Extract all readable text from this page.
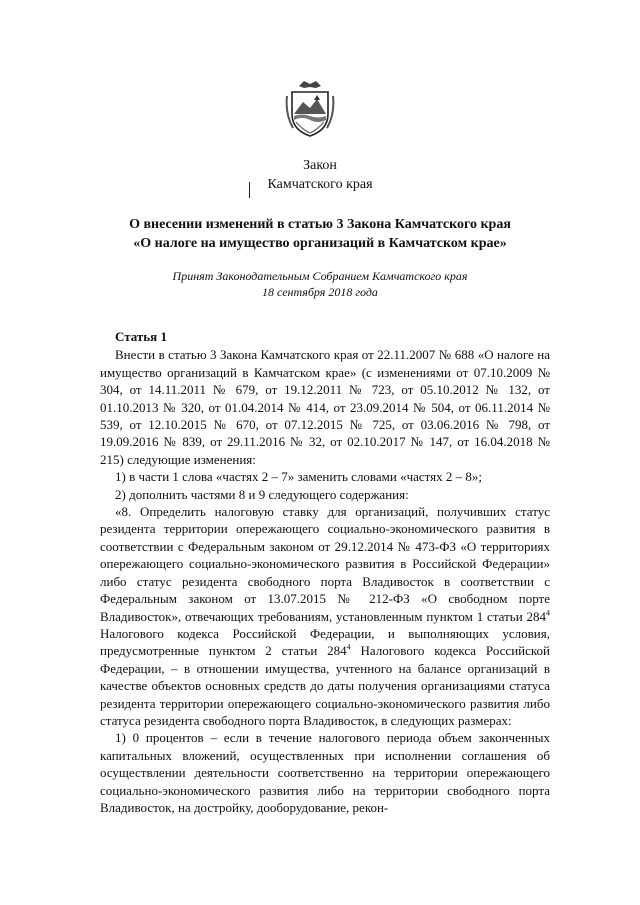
Закон
Камчатского края
О внесении изменений в статью 3 Закона Камчатского края
«О налоге на имущество организаций в Камчатском крае»
Принят Законодательным Собранием Камчатского края
18 сентября 2018 года

Статья 1

Внести в статью 3 Закона Камчатского края от 22.11.2007 № 688 «О налоге на имущество организаций в Камчатском крае» (с изменениями от 07.10.2009 № 304, от 14.11.2011 № 679, от 19.12.2011 № 723, от 05.10.2012 № 132, от 01.10.2013 № 320, от 01.04.2014 № 414, от 23.09.2014 № 504, от 06.11.2014 № 539, от 12.10.2015 № 670, от 07.12.2015 № 725, от 03.06.2016 № 798, от 19.09.2016 № 839, от 29.11.2016 № 32, от 02.10.2017 № 147, от 16.04.2018 № 215) следующие изменения:

1) в части 1 слова «частях 2 – 7» заменить словами «частях 2 – 8»;

2) дополнить частями 8 и 9 следующего содержания:

«8. Определить налоговую ставку для организаций, получивших статус резидента территории опережающего социально-экономического развития в соответствии с Федеральным законом от 29.12.2014 № 473-ФЗ «О территориях опережающего социально-экономического развития в Российской Федерации» либо статус резидента свободного порта Владивосток в соответствии с Федеральным законом от 13.07.2015 № 212-ФЗ «О свободном порте Владивосток», отвечающих требованиям, установленным пунктом 1 статьи $284^4$ Налогового кодекса Российской Федерации, и выполняющих условия, предусмотренные пунктом 2 статьи $284^4$ Налогового кодекса Российской Федерации, – в отношении имущества, учтенного на балансе организаций в качестве объектов основных средств до даты получения организациями статуса резидента территории опережающего социально-экономического развития либо статуса резидента свободного порта Владивосток, в следующих размерах:

1) 0 процентов – если в течение налогового периода объем законченных капитальных вложений, осуществленных при исполнении соглашения об осуществлении деятельности соответственно на территории опережающего социально-экономического развития либо на территории свободного порта Владивосток, на достройку, дооборудование, рекон-
